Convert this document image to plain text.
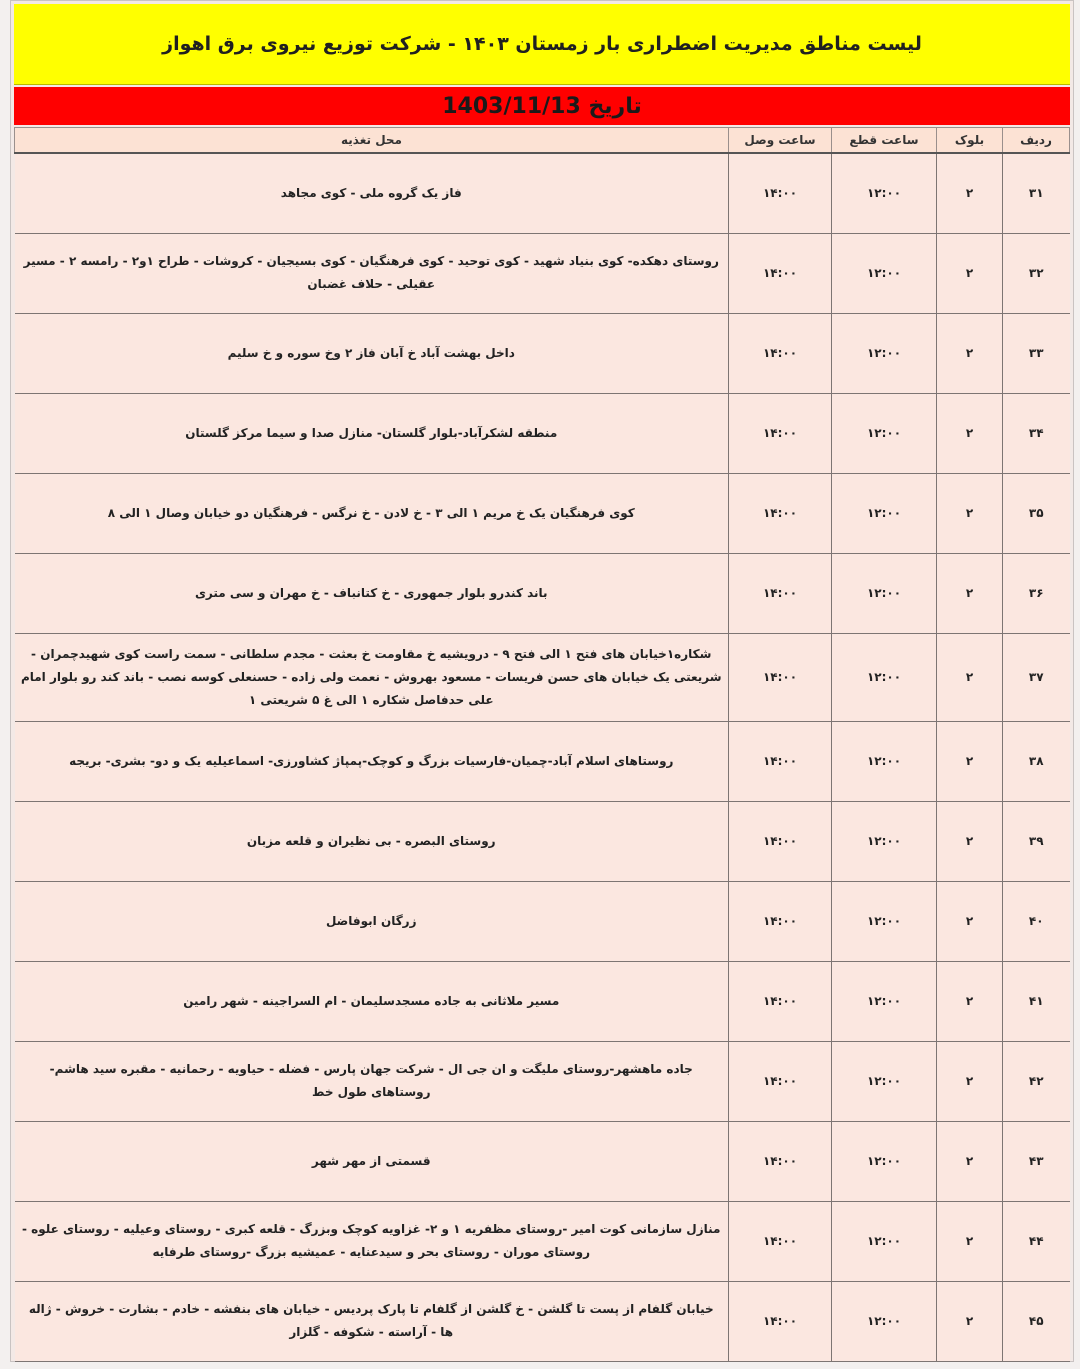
لیست مناطق مدیریت اضطراری بار زمستان ۱۴۰۳ - شرکت توزیع نیروی برق اهواز
تاریخ 1403/11/13
ردیف	بلوک	ساعت قطع	ساعت وصل	محل تغذیه
۳۱	۲	۱۲:۰۰	۱۴:۰۰	فاز یک گروه ملی - کوی مجاهد
۳۲	۲	۱۲:۰۰	۱۴:۰۰	روستای دهکده- کوی بنیاد شهید - کوی توحید - کوی فرهنگیان - کوی بسیجیان - کروشات - طراح ۱و۲ - رامسه ۲ - مسیر عقیلی - حلاف غضبان
۳۳	۲	۱۲:۰۰	۱۴:۰۰	داخل بهشت آباد خ آبان فاز ۲ وخ سوره و خ سلیم
۳۴	۲	۱۲:۰۰	۱۴:۰۰	منطقه لشکرآباد-بلوار گلستان- منازل صدا و سیما مرکز گلستان
۳۵	۲	۱۲:۰۰	۱۴:۰۰	کوی فرهنگیان یک خ مریم ۱ الی ۳ - خ لادن - خ نرگس - فرهنگیان دو خیابان وصال ۱ الی ۸
۳۶	۲	۱۲:۰۰	۱۴:۰۰	باند کندرو بلوار جمهوری - خ کتانباف - خ مهران و سی متری
۳۷	۲	۱۲:۰۰	۱۴:۰۰	شکاره۱خیابان های فتح ۱ الی فتح ۹ - درویشیه خ مقاومت خ بعثت - مجدم سلطانی - سمت راست کوی شهیدچمران - شریعتی یک خیابان های حسن فریسات - مسعود بهروش - نعمت ولی زاده - حسنعلی کوسه نصب - باند کند رو بلوار امام علی حدفاصل شکاره ۱ الی غ ۵ شریعتی ۱
۳۸	۲	۱۲:۰۰	۱۴:۰۰	روستاهای اسلام آباد-چمیان-فارسیات بزرگ و کوچک-پمپاژ کشاورزی- اسماعیلیه یک و دو- بشری- بریجه
۳۹	۲	۱۲:۰۰	۱۴:۰۰	روستای البصره - بی نظیران و قلعه مزبان
۴۰	۲	۱۲:۰۰	۱۴:۰۰	زرگان ابوفاضل
۴۱	۲	۱۲:۰۰	۱۴:۰۰	مسیر ملاثانی به جاده مسجدسلیمان - ام السراجینه - شهر رامین
۴۲	۲	۱۲:۰۰	۱۴:۰۰	جاده ماهشهر-روستای ملیگت و ان جی ال - شرکت جهان پارس - فضله - حیاویه - رحمانیه - مقبره سید هاشم- روستاهای طول خط
۴۳	۲	۱۲:۰۰	۱۴:۰۰	قسمتی از مهر شهر
۴۴	۲	۱۲:۰۰	۱۴:۰۰	منازل سازمانی کوت امیر -روستای مظفریه ۱ و ۲- غزاویه کوچک وبزرگ - قلعه کبری - روستای وعیلیه - روستای علوه - روستای موران - روستای بحر و سیدعنایه - عمیشیه بزرگ -روستای طرفایه
۴۵	۲	۱۲:۰۰	۱۴:۰۰	خیابان گلفام از پست تا گلشن - خ گلشن از گلفام تا پارک پردیس - خیابان های بنفشه - خادم - بشارت - خروش - ژاله ها - آراسته - شکوفه - گلزار
